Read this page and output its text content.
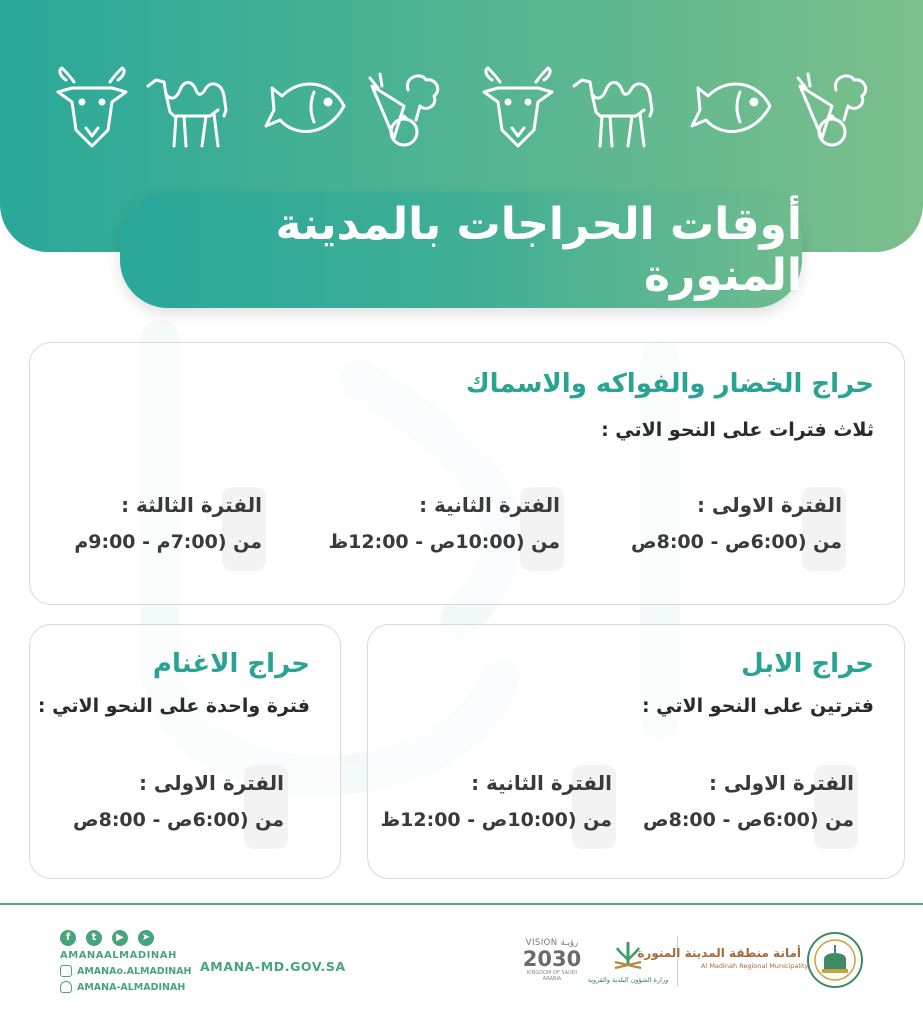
أوقات الحراجات بالمدينة المنورة
حراج الخضار والفواكه والاسماك
ثلاث فترات على النحو الاتي :
الفترة الاولى :
من (6:00ص - 8:00ص
الفترة الثانية :
من (10:00ص - 12:00ظ
الفترة الثالثة :
من (7:00م - 9:00م
حراج الاغنام
فترة واحدة على النحو الاتي :
الفترة الاولى :
من (6:00ص - 8:00ص
حراج الابل
فترتين على النحو الاتي :
الفترة الاولى :
من (6:00ص - 8:00ص
الفترة الثانية :
من (10:00ص - 12:00ظ
f	t	▶	➤
AMANAALMADINAH
AMANAo.ALMADINAH
AMANA-ALMADINAH
AMANA-MD.GOV.SA
VISION رؤيـة
2030
KINGDOM OF SAUDI ARABIA	وزارة الشؤون البلدية والقروية
أمانة منطقة المدينة المنورة
Al Madinah Regional Municipality
